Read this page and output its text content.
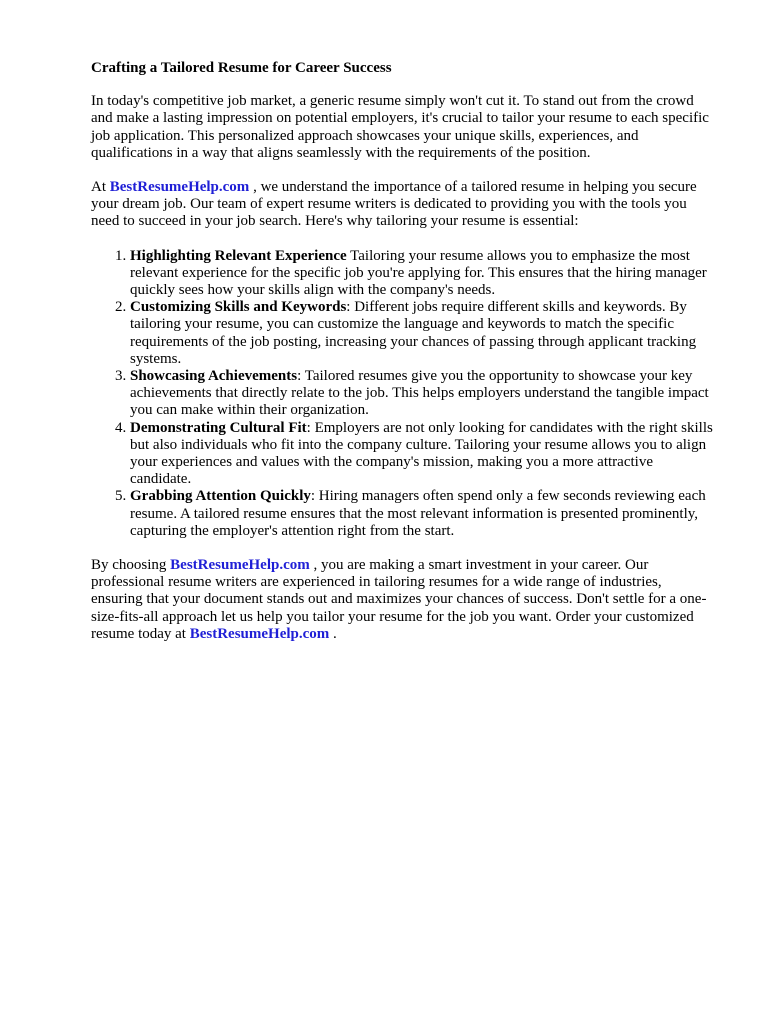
Crafting a Tailored Resume for Career Success

In today's competitive job market, a generic resume simply won't cut it. To stand out from the crowd and make a lasting impression on potential employers, it's crucial to tailor your resume to each specific job application. This personalized approach showcases your unique skills, experiences, and qualifications in a way that aligns seamlessly with the requirements of the position.

At BestResumeHelp.com , we understand the importance of a tailored resume in helping you secure your dream job. Our team of expert resume writers is dedicated to providing you with the tools you need to succeed in your job search. Here's why tailoring your resume is essential:

1. Highlighting Relevant Experience Tailoring your resume allows you to emphasize the most relevant experience for the specific job you're applying for. This ensures that the hiring manager quickly sees how your skills align with the company's needs.
2. Customizing Skills and Keywords: Different jobs require different skills and keywords. By tailoring your resume, you can customize the language and keywords to match the specific requirements of the job posting, increasing your chances of passing through applicant tracking systems.
3. Showcasing Achievements: Tailored resumes give you the opportunity to showcase your key achievements that directly relate to the job. This helps employers understand the tangible impact you can make within their organization.
4. Demonstrating Cultural Fit: Employers are not only looking for candidates with the right skills but also individuals who fit into the company culture. Tailoring your resume allows you to align your experiences and values with the company's mission, making you a more attractive candidate.
5. Grabbing Attention Quickly: Hiring managers often spend only a few seconds reviewing each resume. A tailored resume ensures that the most relevant information is presented prominently, capturing the employer's attention right from the start.

By choosing BestResumeHelp.com , you are making a smart investment in your career. Our professional resume writers are experienced in tailoring resumes for a wide range of industries, ensuring that your document stands out and maximizes your chances of success. Don't settle for a one-size-fits-all approach let us help you tailor your resume for the job you want. Order your customized resume today at BestResumeHelp.com .
